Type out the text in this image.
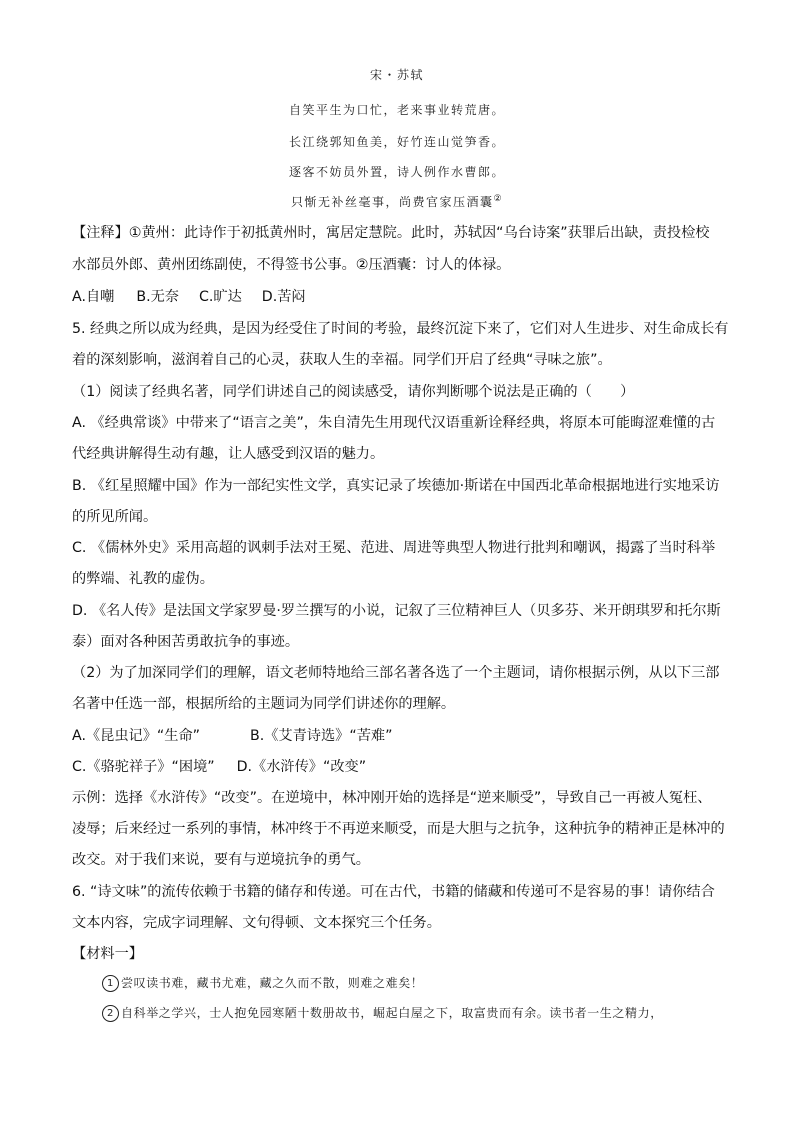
宋・苏轼
自笑平生为口忙，老来事业转荒唐。
长江绕郭知鱼美，好竹连山觉笋香。
逐客不妨员外置，诗人例作水曹郎。
只惭无补丝毫事，尚费官家压酒囊②
【注释】①黄州：此诗作于初抵黄州时，寓居定慧院。此时，苏轼因“乌台诗案”获罪后出缺，责投检校
水部员外郎、黄州团练副使，不得签书公事。②压酒囊：讨人的体禄。
A.自嘲 B.无奈 C.旷达 D.苦闷
5. 经典之所以成为经典，是因为经受住了时间的考验，最终沉淀下来了，它们对人生进步、对生命成长有
着的深刻影响，滋润着自己的心灵，获取人生的幸福。同学们开启了经典“寻味之旅”。
（1）阅读了经典名著，同学们讲述自己的阅读感受，请你判断哪个说法是正确的（　　）
A. 《经典常谈》中带来了“语言之美”，朱自清先生用现代汉语重新诠释经典，将原本可能晦涩难懂的古
代经典讲解得生动有趣，让人感受到汉语的魅力。
B. 《红星照耀中国》作为一部纪实性文学，真实记录了埃德加·斯诺在中国西北革命根据地进行实地采访
的所见所闻。
C. 《儒林外史》采用高超的讽刺手法对王冕、范进、周进等典型人物进行批判和嘲讽，揭露了当时科举
的弊端、礼教的虚伪。
D. 《名人传》是法国文学家罗曼·罗兰撰写的小说，记叙了三位精神巨人（贝多芬、米开朗琪罗和托尔斯
泰）面对各种困苦勇敢抗争的事迹。
（2）为了加深同学们的理解，语文老师特地给三部名著各选了一个主题词，请你根据示例，从以下三部
名著中任选一部，根据所给的主题词为同学们讲述你的理解。
A.《昆虫记》“生命”	B.《艾青诗选》“苦难”
C.《骆驼祥子》“困境” D.《水浒传》“改变”
示例：选择《水浒传》“改变”。在逆境中，林冲刚开始的选择是“逆来顺受”，导致自己一再被人冤枉、
凌辱；后来经过一系列的事情，林冲终于不再逆来顺受，而是大胆与之抗争，这种抗争的精神正是林冲的
改交。对于我们来说，要有与逆境抗争的勇气。
6. “诗文味”的流传依赖于书籍的储存和传递。可在古代，书籍的储藏和传递可不是容易的事！请你结合
文本内容，完成字词理解、文句得顿、文本探究三个任务。
【材料一】
1 尝叹读书难，藏书尤难，藏之久而不散，则难之难矣！
2 自科举之学兴，士人抱免园寒陋十数册故书，崛起白屋之下，取富贵而有余。读书者一生之精力，
